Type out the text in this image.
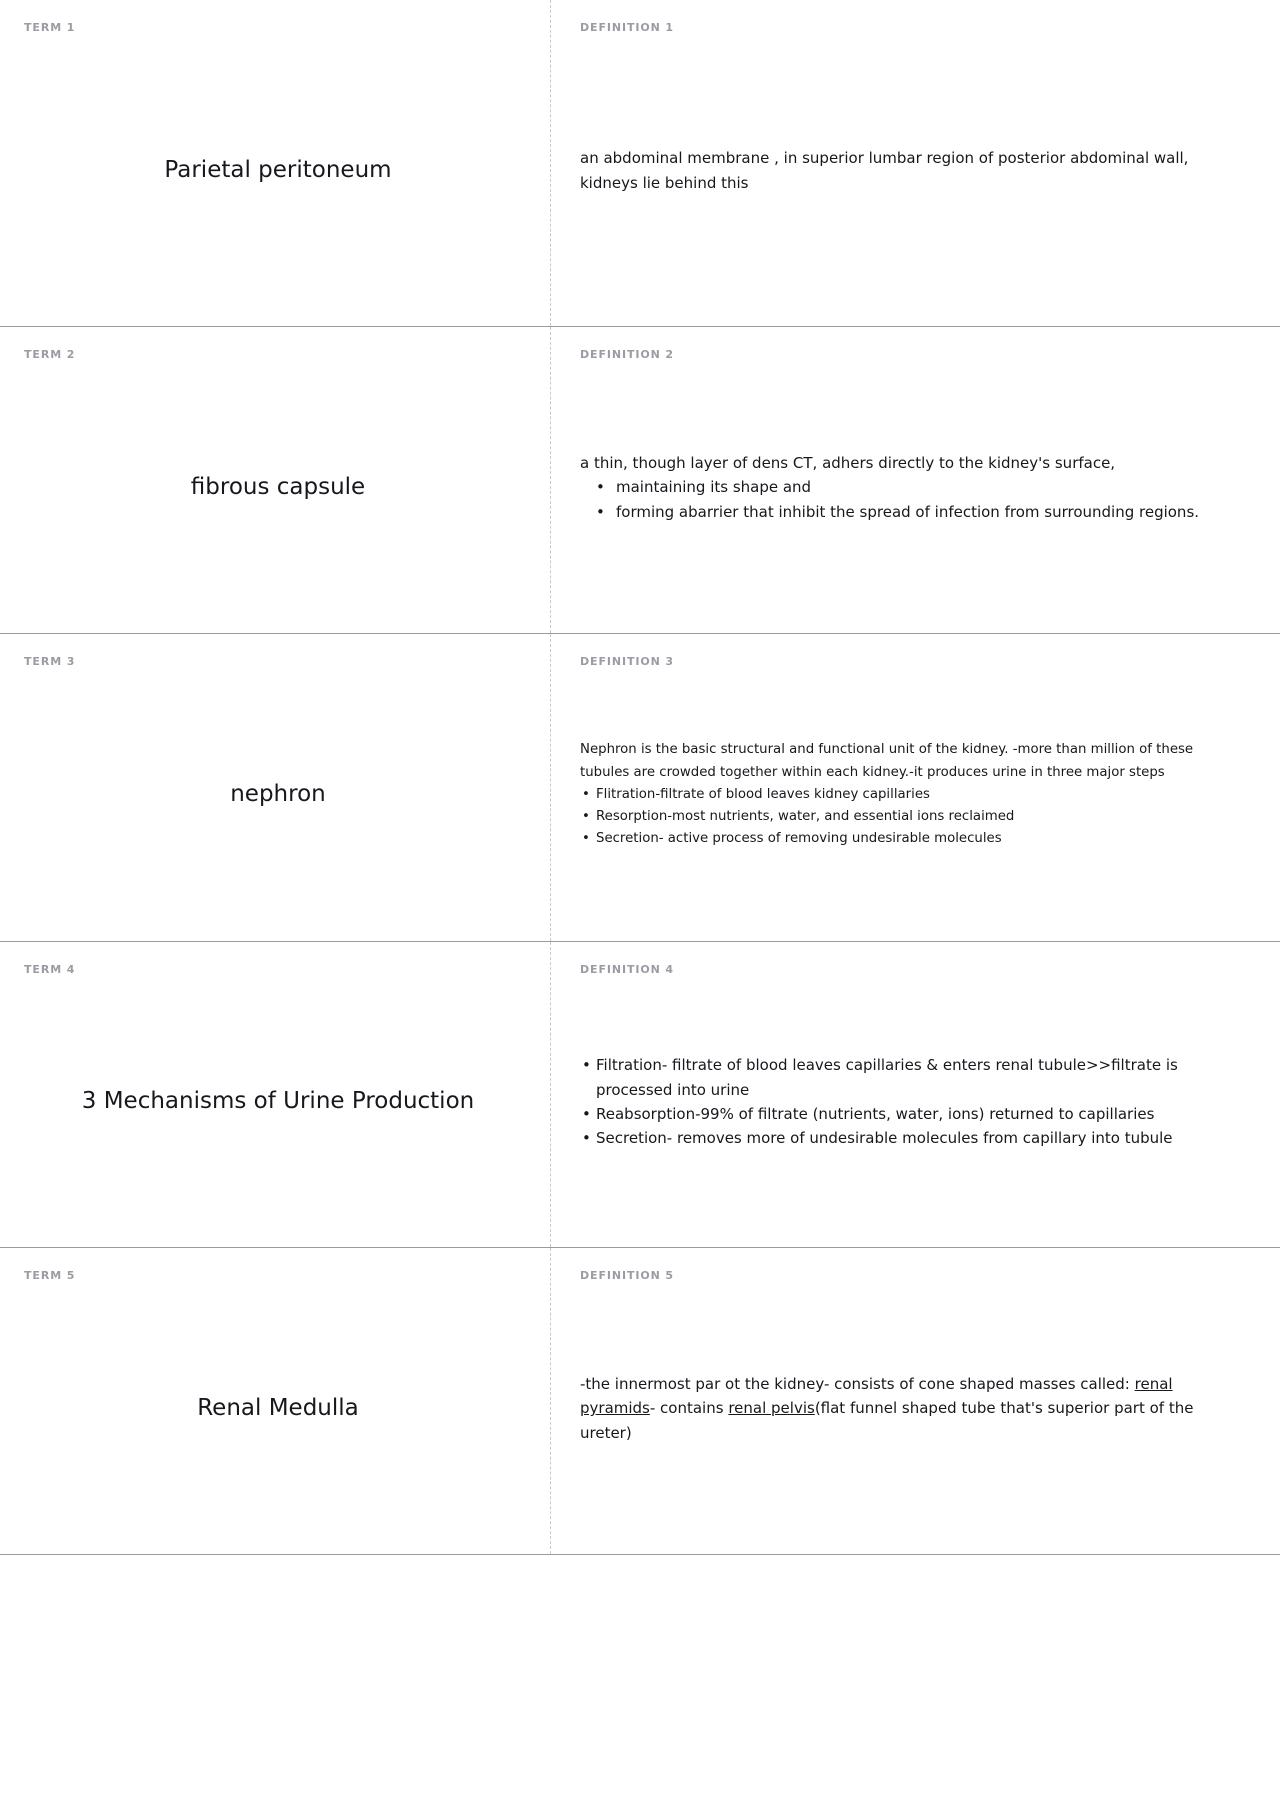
TERM 1
Parietal peritoneum
DEFINITION 1

an abdominal membrane , in superior lumbar region of posterior abdominal wall, kidneys lie behind this

TERM 2
fibrous capsule
DEFINITION 2

a thin, though layer of dens CT, adhers directly to the kidney's surface,

• maintaining its shape and
• forming abarrier that inhibit the spread of infection from surrounding regions.
TERM 3
nephron
DEFINITION 3

Nephron is the basic structural and functional unit of the kidney. -more than million of these tubules are crowded together within each kidney.-it produces urine in three major steps

• Flitration-filtrate of blood leaves kidney capillaries
• Resorption-most nutrients, water, and essential ions reclaimed
• Secretion- active process of removing undesirable molecules
TERM 4
3 Mechanisms of Urine Production
DEFINITION 4
• Filtration- filtrate of blood leaves capillaries & enters renal tubule>>filtrate is processed into urine
• Reabsorption-99% of filtrate (nutrients, water, ions) returned to capillaries
• Secretion- removes more of undesirable molecules from capillary into tubule
TERM 5
Renal Medulla
DEFINITION 5

-the innermost par ot the kidney- consists of cone shaped masses called: renal pyramids- contains renal pelvis(flat funnel shaped tube that's superior part of the ureter)
